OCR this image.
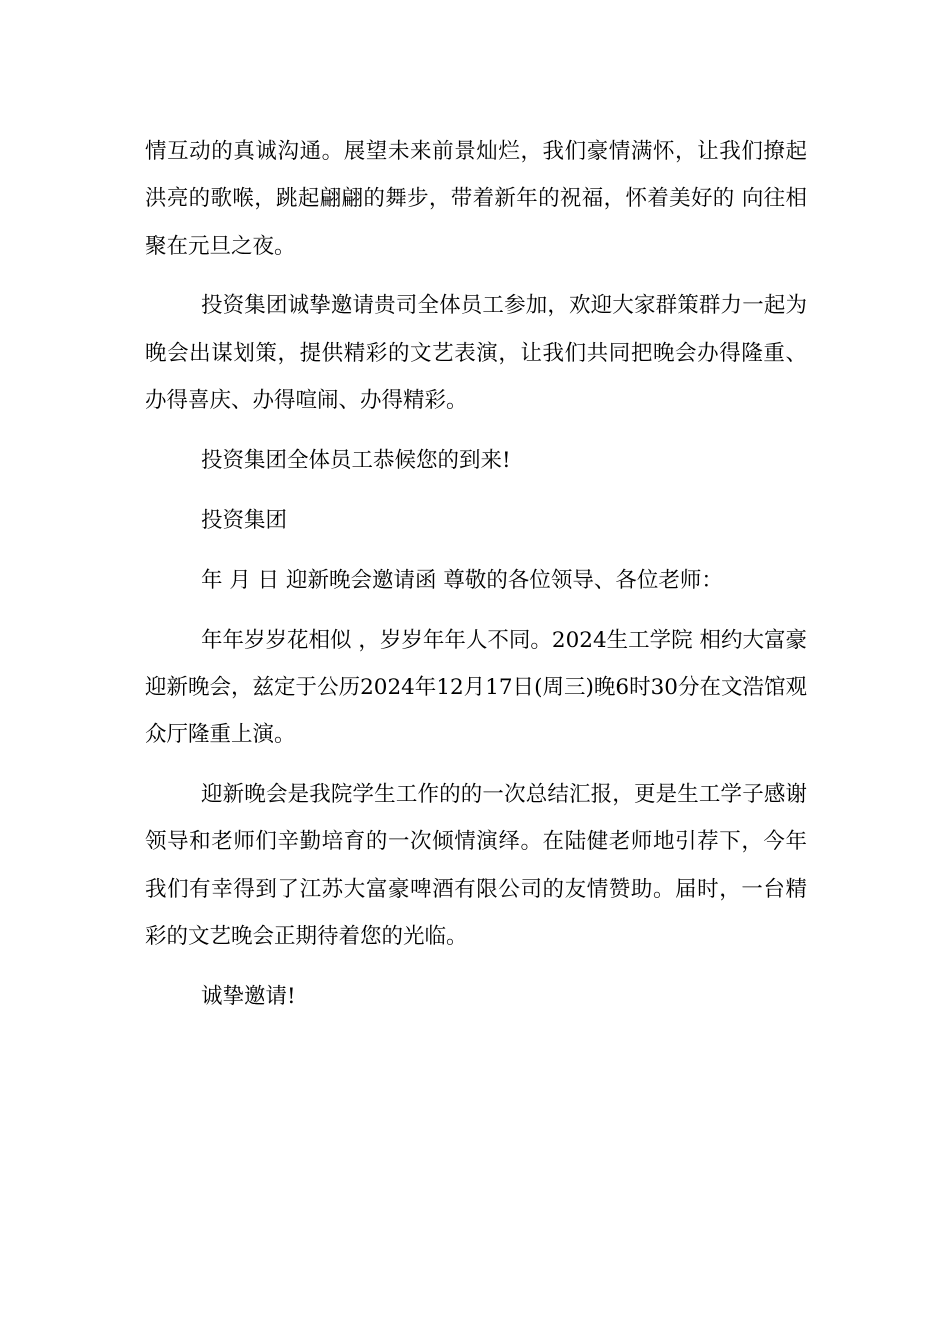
情互动的真诚沟通。展望未来前景灿烂，我们豪情满怀，让我们撩起洪亮的歌喉，跳起翩翩的舞步，带着新年的祝福，怀着美好的 向往相聚在元旦之夜。

投资集团诚挚邀请贵司全体员工参加，欢迎大家群策群力一起为晚会出谋划策，提供精彩的文艺表演，让我们共同把晚会办得隆重、办得喜庆、办得喧闹、办得精彩。

投资集团全体员工恭候您的到来!

投资集团

年 月 日 迎新晚会邀请函 尊敬的各位领导、各位老师：

年年岁岁花相似 ，岁岁年年人不同。2024生工学院 相约大富豪 迎新晚会，兹定于公历2024年12月17日(周三)晚6时30分在文浩馆观众厅隆重上演。

迎新晚会是我院学生工作的的一次总结汇报，更是生工学子感谢领导和老师们辛勤培育的一次倾情演绎。在陆健老师地引荐下，今年我们有幸得到了江苏大富豪啤酒有限公司的友情赞助。届时，一台精彩的文艺晚会正期待着您的光临。

诚挚邀请!
